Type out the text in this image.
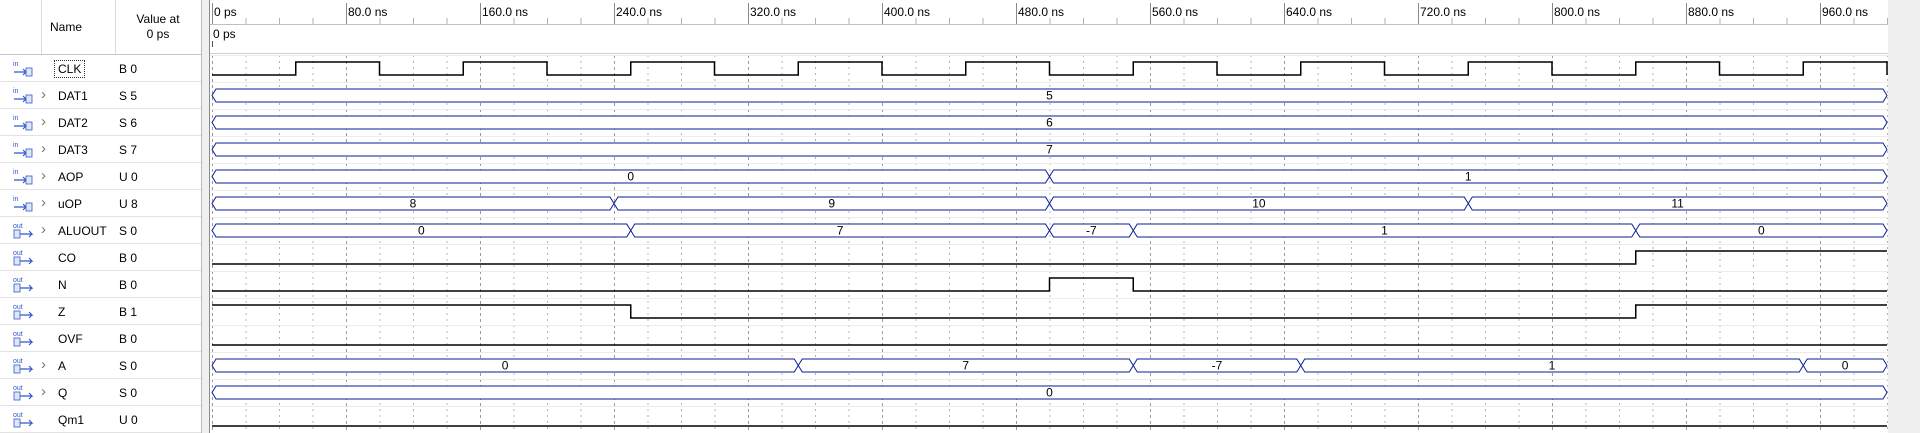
Name
Value at
0 ps
in	CLK	B 0
in ›	DAT1	S 5
in ›	DAT2	S 6
in ›	DAT3	S 7
in ›	AOP	U 0
in ›	uOP	U 8
out ›	ALUOUT S 0
out	CO	B 0
out	N	B 0
out	Z	B 1
out	OVF	B 0
out ›	A	S 0
out ›	Q	S 0
out	Qm1	U 0
0 ps	80.0 ns	160.0 ns	240.0 ns	320.0 ns	400.0 ns	480.0 ns	560.0 ns	640.0 ns	720.0 ns	800.0 ns	880.0 ns	960.0 ns
0 ps
5
6
7
0	1
8	9	10	11
0	7	-7	1	0
0	7	-7	1	0
0
